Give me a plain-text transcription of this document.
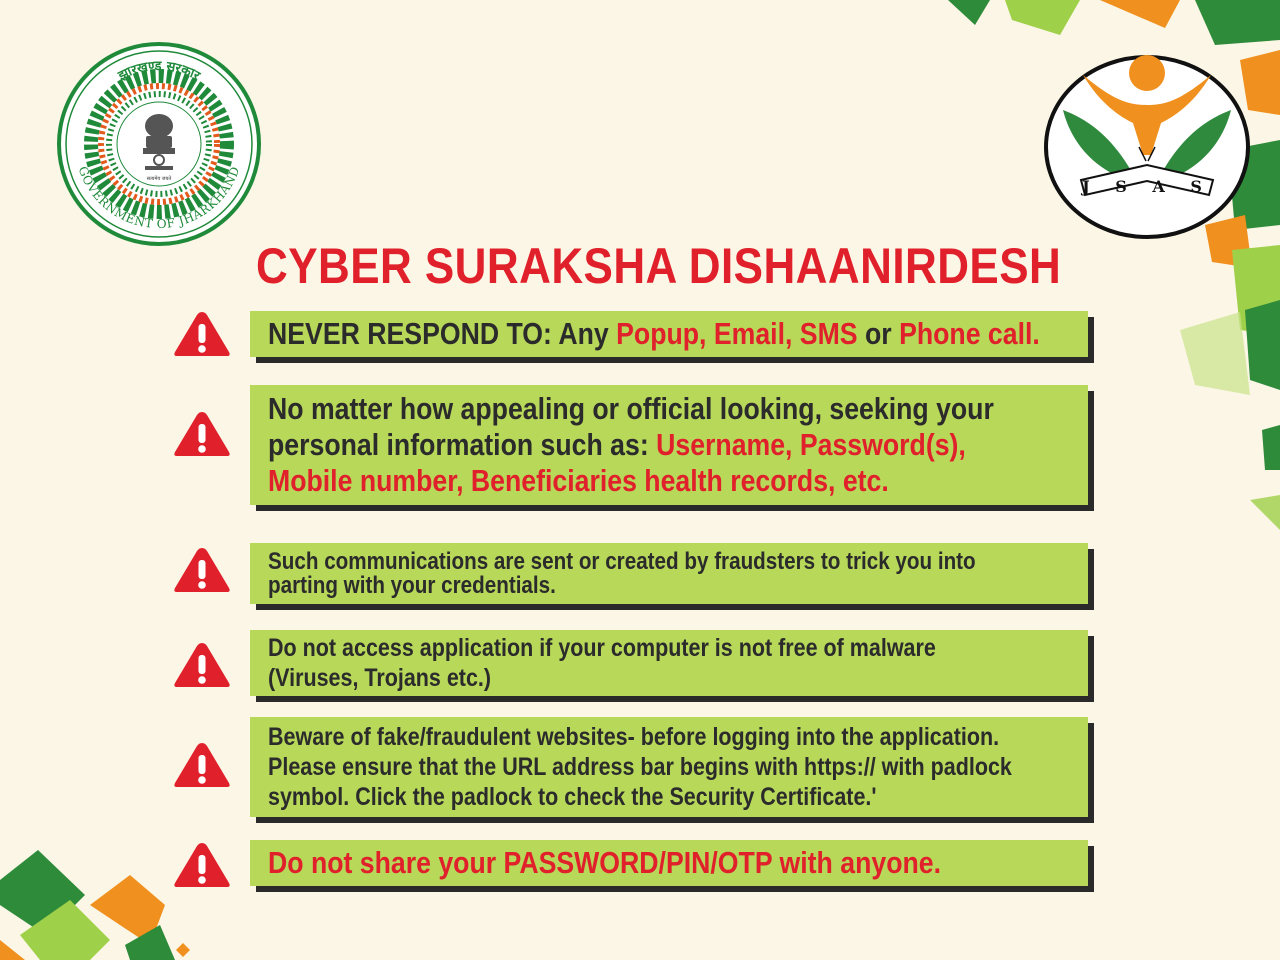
झारखण्ड सरकार
GOVERNMENT OF JHARKHAND
सत्यमेव जयते	J S A S
CYBER SURAKSHA DISHAANIRDESH
NEVER RESPOND TO: Any Popup, Email, SMS or Phone call.
No matter how appealing or official looking, seeking your
personal information such as: Username, Password(s),
Mobile number, Beneficiaries health records, etc.
Such communications are sent or created by fraudsters to trick you into
parting with your credentials.
Do not access application if your computer is not free of malware
(Viruses, Trojans etc.)
Beware of fake/fraudulent websites- before logging into the application.
Please ensure that the URL address bar begins with https:// with padlock
symbol. Click the padlock to check the Security Certificate.'
Do not share your PASSWORD/PIN/OTP with anyone.
